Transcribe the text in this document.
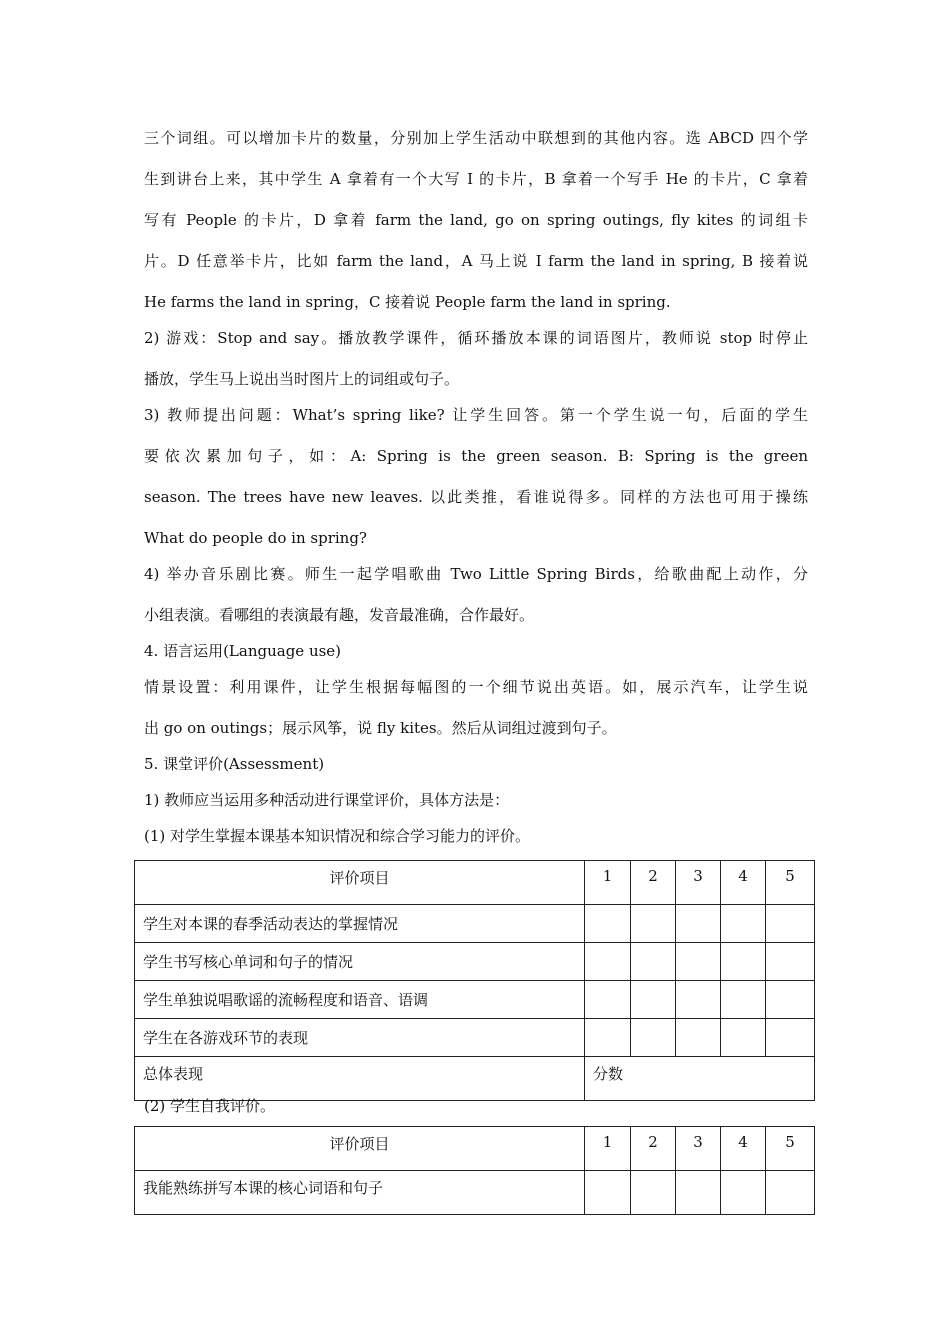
三个词组。可以增加卡片的数量，分别加上学生活动中联想到的其他内容。选 ABCD 四个学
生到讲台上来，其中学生 A 拿着有一个大写 I 的卡片，B 拿着一个写手 He 的卡片，C 拿着
写有 People 的卡片，D 拿着 farm the land, go on spring outings, fly kites 的词组卡
片。D 任意举卡片，比如 farm the land，A 马上说 I farm the land in spring, B 接着说
He farms the land in spring，C 接着说 People farm the land in spring.
2) 游戏：Stop and say。播放教学课件，循环播放本课的词语图片，教师说 stop 时停止
播放，学生马上说出当时图片上的词组或句子。
3) 教师提出问题：What’s spring like? 让学生回答。第一个学生说一句，后面的学生
要依次累加句子，如：A: Spring is the green season. B: Spring is the green
season. The trees have new leaves. 以此类推，看谁说得多。同样的方法也可用于操练
What do people do in spring?
4) 举办音乐剧比赛。师生一起学唱歌曲 Two Little Spring Birds，给歌曲配上动作，分
小组表演。看哪组的表演最有趣，发音最准确，合作最好。
4. 语言运用(Language use)
情景设置：利用课件，让学生根据每幅图的一个细节说出英语。如，展示汽车，让学生说
出 go on outings；展示风筝，说 fly kites。然后从词组过渡到句子。
5. 课堂评价(Assessment)
1) 教师应当运用多种活动进行课堂评价，具体方法是：
(1) 对学生掌握本课基本知识情况和综合学习能力的评价。
评价项目	1	2	3	4	5
学生对本课的春季活动表达的掌握情况					
学生书写核心单词和句子的情况					
学生单独说唱歌谣的流畅程度和语音、语调					
学生在各游戏环节的表现					
总体表现	分数				
(2) 学生自我评价。
评价项目	1	2	3	4	5
我能熟练拼写本课的核心词语和句子					
